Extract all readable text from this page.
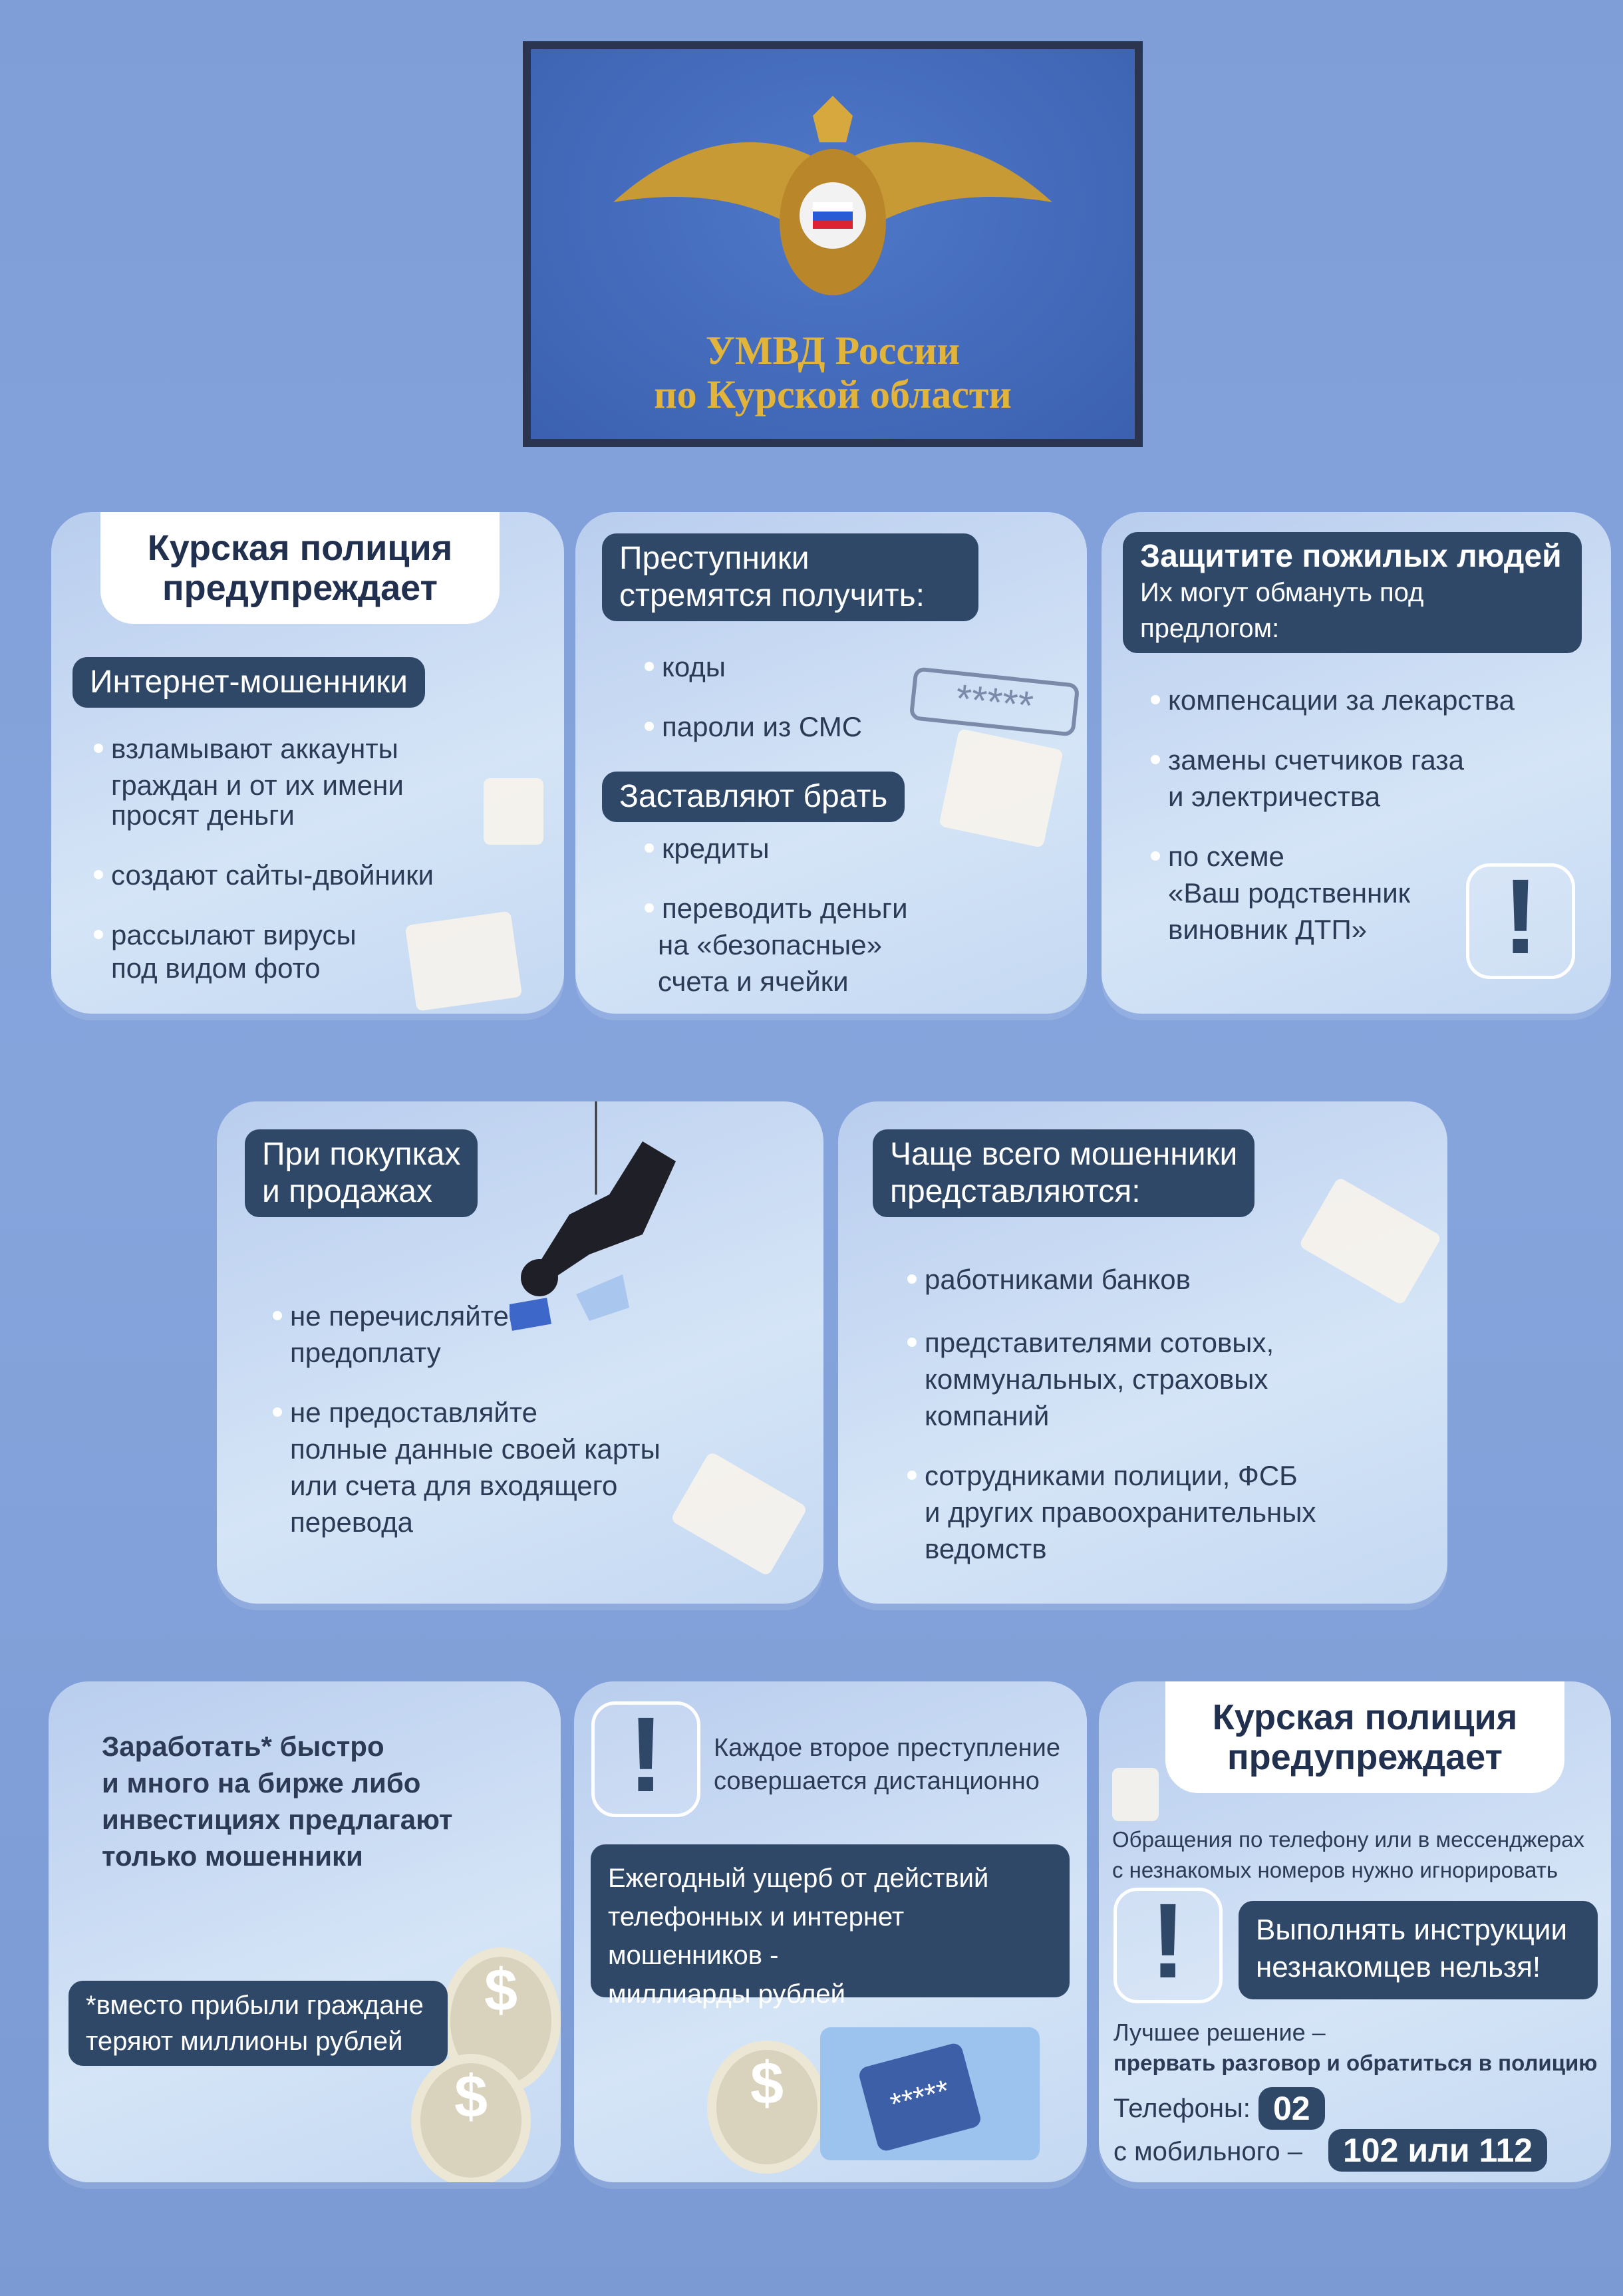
УМВД России
по Курской области
Курская полиция
предупреждает
Интернет-мошенники
взламывают аккаунты
граждан и от их имени
просят деньги
создают сайты-двойники
рассылают вирусы
под видом фото
Преступники
стремятся получить:
коды
пароли из СМС	*****
Заставляют брать
кредиты
переводить деньги
на «безопасные»
счета и ячейки
Защитите пожилых людей
Их могут обмануть под предлогом:
компенсации за лекарства
замены счетчиков газа
и электричества
по схеме
«Ваш родственник
виновник ДТП»	!
При покупках
и продажах
не перечисляйте
предоплату
не предоставляйте
полные данные своей карты
или счета для входящего
перевода
Чаще всего мошенники
представляются:
работниками банков
представителями сотовых,
коммунальных, страховых
компаний
сотрудниками полиции, ФСБ
и других правоохранительных
ведомств
Заработать* быстро
и много на бирже либо
инвестициях предлагают
только мошенники
$
$
*вместо прибыли граждане
теряют миллионы рублей
!	Каждое второе преступление
совершается дистанционно
Ежегодный ущерб от действий
телефонных и интернет мошенников -
миллиарды рублей
$	*****
Курская полиция
предупреждает
Обращения по телефону или в мессенджерах
с незнакомых номеров нужно игнорировать
!	Выполнять инструкции
незнакомцев нельзя!
Лучшее решение –
прервать разговор и обратиться в полицию
Телефоны: 02
с мобильного –	102 или 112
